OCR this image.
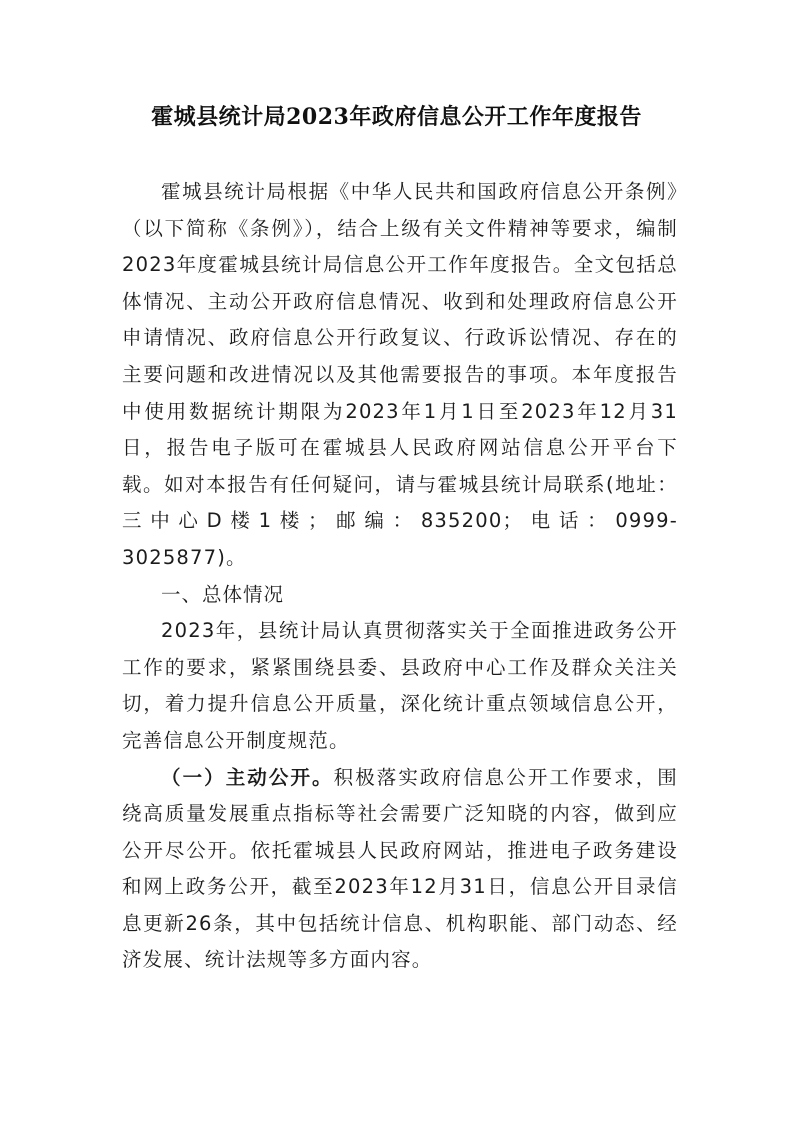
霍城县统计局2023年政府信息公开工作年度报告

霍城县统计局根据《中华人民共和国政府信息公开条例》（以下简称《条例》），结合上级有关文件精神等要求，编制2023年度霍城县统计局信息公开工作年度报告。全文包括总体情况、主动公开政府信息情况、收到和处理政府信息公开申请情况、政府信息公开行政复议、行政诉讼情况、存在的主要问题和改进情况以及其他需要报告的事项。本年度报告中使用数据统计期限为2023年1月1日至2023年12月31日，报告电子版可在霍城县人民政府网站信息公开平台下载。如对本报告有任何疑问，请与霍城县统计局联系(地址：三中心D楼1楼；邮编：835200；电话：0999-3025877)。

一、总体情况

2023年，县统计局认真贯彻落实关于全面推进政务公开工作的要求，紧紧围绕县委、县政府中心工作及群众关注关切，着力提升信息公开质量，深化统计重点领域信息公开，完善信息公开制度规范。

（一）主动公开。积极落实政府信息公开工作要求，围绕高质量发展重点指标等社会需要广泛知晓的内容，做到应公开尽公开。依托霍城县人民政府网站，推进电子政务建设和网上政务公开，截至2023年12月31日，信息公开目录信息更新26条，其中包括统计信息、机构职能、部门动态、经济发展、统计法规等多方面内容。
